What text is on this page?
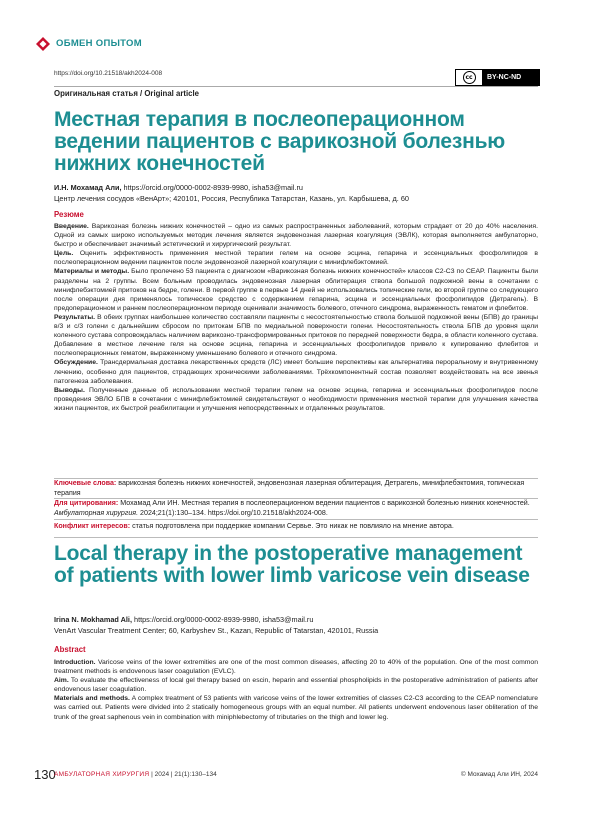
ОБМЕН ОПЫТОМ
https://doi.org/10.21518/akh2024-008
cc	BY-NC-ND
Оригинальная статья / Original article
Местная терапия в послеоперационном ведении пациентов с варикозной болезнью нижних конечностей
И.Н. Мохамад Али, https://orcid.org/0000-0002-8939-9980, isha53@mail.ru
Центр лечения сосудов «ВенАрт»; 420101, Россия, Республика Татарстан, Казань, ул. Карбышева, д. 60
Резюме
Введение. Варикозная болезнь нижних конечностей – одно из самых распространенных заболеваний, которым страдает от 20 до 40% населения. Одной из самых широко используемых методик лечения является эндовенозная лазерная коагуляция (ЭВЛК), которая выполняется амбулаторно, быстро и обеспечивает значимый эстетический и хирургический результат.
Цель. Оценить эффективность применения местной терапии гелем на основе эсцина, гепарина и эссенциальных фосфолипидов в послеоперационном ведении пациентов после эндовенозной лазерной коагуляции с минифлебэктомией.
Материалы и методы. Было пролечено 53 пациента с диагнозом «Варикозная болезнь нижних конечностей» классов С2-С3 по CEAP. Пациенты были разделены на 2 группы. Всем больным проводилась эндовенозная лазерная облитерация ствола большой подкожной вены в сочетании с минифлебэктомией притоков на бедре, голени. В первой группе в первые 14 дней не использовались топические гели, во второй группе со следующего после операции дня применялось топическое средство с содержанием гепарина, эсцина и эссенциальных фосфолипидов (Детрагель). В предоперационном и раннем послеоперационном периоде оценивали значимость болевого, отечного синдрома, выраженность гематом и флебитов.
Результаты. В обеих группах наибольшее количество составляли пациенты с несостоятельностью ствола большой подкожной вены (БПВ) до границы в/3 и с/3 голени с дальнейшим сбросом по притокам БПВ по медиальной поверхности голени. Несостоятельность ствола БПВ до уровня щели коленного сустава сопровождалась наличием варикозно-трансформированных притоков по передней поверхности бедра, в области коленного сустава. Добавление в местное лечение геля на основе эсцина, гепарина и эссенциальных фосфолипидов привело к купированию флебитов и послеоперационных гематом, выраженному уменьшению болевого и отечного синдрома.
Обсуждение. Трансдермальная доставка лекарственных средств (ЛС) имеет большие перспективы как альтернатива пероральному и внутривенному лечению, особенно для пациентов, страдающих хроническими заболеваниями. Трёхкомпонентный состав позволяет воздействовать на все звенья патогенеза заболевания.
Выводы. Полученные данные об использовании местной терапии гелем на основе эсцина, гепарина и эссенциальных фосфолипидов после проведения ЭВЛО БПВ в сочетании с минифлебэктомией свидетельствуют о необходимости применения местной терапии для улучшения качества жизни пациентов, их быстрой реабилитации и улучшения непосредственных и отдаленных результатов.
Ключевые слова: варикозная болезнь нижних конечностей, эндовенозная лазерная облитерация, Детрагель, минифлебэктомия, топическая терапия
Для цитирования: Мохамад Али ИН. Местная терапия в послеоперационном ведении пациентов с варикозной болезнью нижних конечностей. Амбулаторная хирургия. 2024;21(1):130–134. https://doi.org/10.21518/akh2024-008.
Конфликт интересов: статья подготовлена при поддержке компании Сервье. Это никак не повлияло на мнение автора.
Local therapy in the postoperative management of patients with lower limb varicose vein disease
Irina N. Mokhamad Ali, https://orcid.org/0000-0002-8939-9980, isha53@mail.ru
VenArt Vascular Treatment Center; 60, Karbyshev St., Kazan, Republic of Tatarstan, 420101, Russia
Abstract
Introduction. Varicose veins of the lower extremities are one of the most common diseases, affecting 20 to 40% of the population. One of the most common treatment methods is endovenous laser coagulation (EVLC).
Aim. To evaluate the effectiveness of local gel therapy based on escin, heparin and essential phospholipids in the postoperative administration of patients after endovenous laser coagulation.
Materials and methods. A complex treatment of 53 patients with varicose veins of the lower extremities of classes C2-C3 according to the CEAP nomenclature was carried out. Patients were divided into 2 statically homogeneous groups with an equal number. All patients underwent endovenous laser obliteration of the trunk of the great saphenous vein in combination with miniphlebectomy of tributaries on the thigh and lower leg.
130
АМБУЛАТОРНАЯ ХИРУРГИЯ | 2024 | 21(1):130–134	© Мохамад Али ИН, 2024
